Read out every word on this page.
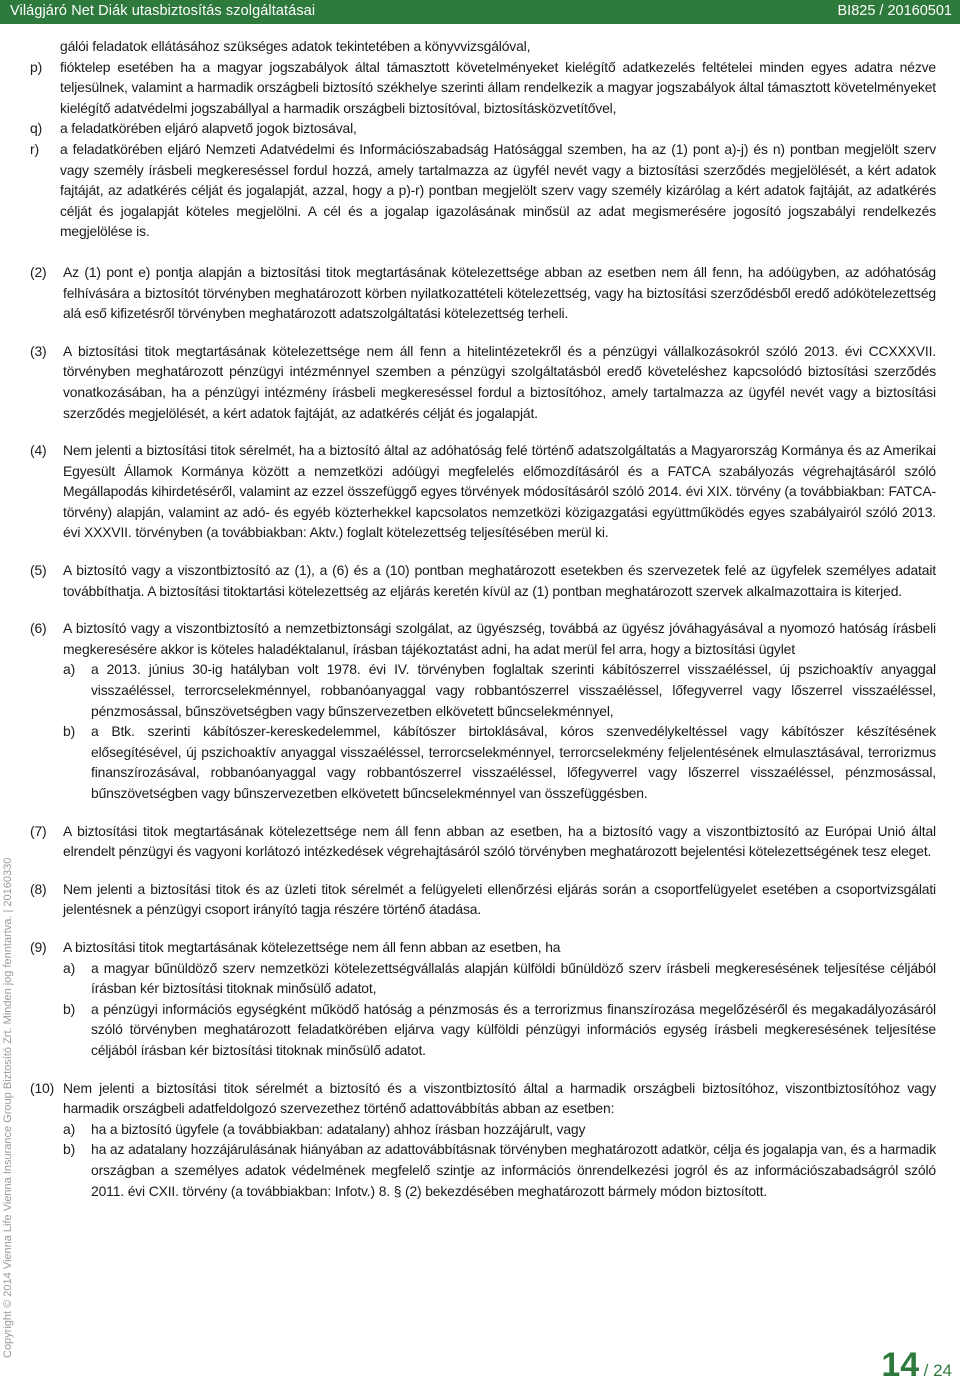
Világjáró Net Diák utasbiztosítás szolgáltatásai	BI825 / 20160501
Copyright © 2014 Vienna Life Vienna Insurance Group Biztosító Zrt. Minden jog fenntartva. | 20160330
gálói feladatok ellátásához szükséges adatok tekintetében a könyvvizsgálóval,
p)	fióktelep esetében ha a magyar jogszabályok által támasztott követelményeket kielégítő adatkezelés feltételei minden egyes adatra nézve teljesülnek, valamint a harmadik országbeli biztosító székhelye szerinti állam rendelkezik a magyar jogszabályok által támasztott követelményeket kielégítő adatvédelmi jogszabállyal a harmadik országbeli biztosítóval, biztosításközvetítővel,
q)	a feladatkörében eljáró alapvető jogok biztosával,
r)	a feladatkörében eljáró Nemzeti Adatvédelmi és Információszabadság Hatósággal szemben, ha az (1) pont a)-j) és n) pontban megjelölt szerv vagy személy írásbeli megkereséssel fordul hozzá, amely tartalmazza az ügyfél nevét vagy a biztosítási szerződés megjelölését, a kért adatok fajtáját, az adatkérés célját és jogalapját, azzal, hogy a p)-r) pontban megjelölt szerv vagy személy kizárólag a kért adatok fajtáját, az adatkérés célját és jogalapját köteles megjelölni. A cél és a jogalap igazolásának minősül az adat megismerésére jogosító jogszabályi rendelkezés megjelölése is.
(2)	Az (1) pont e) pontja alapján a biztosítási titok megtartásának kötelezettsége abban az esetben nem áll fenn, ha adóügyben, az adóhatóság felhívására a biztosítót törvényben meghatározott körben nyilatkozattételi kötelezettség, vagy ha biztosítási szerződésből eredő adókötelezettség alá eső kifizetésről törvényben meghatározott adatszolgáltatási kötelezettség terheli.
(3)	A biztosítási titok megtartásának kötelezettsége nem áll fenn a hitelintézetekről és a pénzügyi vállalkozásokról szóló 2013. évi CCXXXVII. törvényben meghatározott pénzügyi intézménnyel szemben a pénzügyi szolgáltatásból eredő követeléshez kapcsolódó biztosítási szerződés vonatkozásában, ha a pénzügyi intézmény írásbeli megkereséssel fordul a biztosítóhoz, amely tartalmazza az ügyfél nevét vagy a biztosítási szerződés megjelölését, a kért adatok fajtáját, az adatkérés célját és jogalapját.
(4)	Nem jelenti a biztosítási titok sérelmét, ha a biztosító által az adóhatóság felé történő adatszolgáltatás a Magyarország Kormánya és az Amerikai Egyesült Államok Kormánya között a nemzetközi adóügyi megfelelés előmozdításáról és a FATCA szabályozás végrehajtásáról szóló Megállapodás kihirdetéséről, valamint az ezzel összefüggő egyes törvények módosításáról szóló 2014. évi XIX. törvény (a továbbiakban: FATCA-törvény) alapján, valamint az adó- és egyéb közterhekkel kapcsolatos nemzetközi közigazgatási együttműködés egyes szabályairól szóló 2013. évi XXXVII. törvényben (a továbbiakban: Aktv.) foglalt kötelezettség teljesítésében merül ki.
(5)	A biztosító vagy a viszontbiztosító az (1), a (6) és a (10) pontban meghatározott esetekben és szervezetek felé az ügyfelek személyes adatait továbbíthatja. A biztosítási titoktartási kötelezettség az eljárás keretén kívül az (1) pontban meghatározott szervek alkalmazottaira is kiterjed.
(6)	A biztosító vagy a viszontbiztosító a nemzetbiztonsági szolgálat, az ügyészség, továbbá az ügyész jóváhagyásával a nyomozó hatóság írásbeli megkeresésére akkor is köteles haladéktalanul, írásban tájékoztatást adni, ha adat merül fel arra, hogy a biztosítási ügylet
a)	a 2013. június 30-ig hatályban volt 1978. évi IV. törvényben foglaltak szerinti kábítószerrel visszaéléssel, új pszichoaktív anyaggal visszaéléssel, terrorcselekménnyel, robbanóanyaggal vagy robbantószerrel visszaéléssel, lőfegyverrel vagy lőszerrel visszaéléssel, pénzmosással, bűnszövetségben vagy bűnszervezetben elkövetett bűncselekménnyel,
b)	a Btk. szerinti kábítószer-kereskedelemmel, kábítószer birtoklásával, kóros szenvedélykeltéssel vagy kábítószer készítésének elősegítésével, új pszichoaktív anyaggal visszaéléssel, terrorcselekménnyel, terrorcselekmény feljelentésének elmulasztásával, terrorizmus finanszírozásával, robbanóanyaggal vagy robbantószerrel visszaéléssel, lőfegyverrel vagy lőszerrel visszaéléssel, pénzmosással, bűnszövetségben vagy bűnszervezetben elkövetett bűncselekménnyel van összefüggésben.
(7)	A biztosítási titok megtartásának kötelezettsége nem áll fenn abban az esetben, ha a biztosító vagy a viszontbiztosító az Európai Unió által elrendelt pénzügyi és vagyoni korlátozó intézkedések végrehajtásáról szóló törvényben meghatározott bejelentési kötelezettségének tesz eleget.
(8)	Nem jelenti a biztosítási titok és az üzleti titok sérelmét a felügyeleti ellenőrzési eljárás során a csoportfelügyelet esetében a csoportvizsgálati jelentésnek a pénzügyi csoport irányító tagja részére történő átadása.
(9)	A biztosítási titok megtartásának kötelezettsége nem áll fenn abban az esetben, ha
a)	a magyar bűnüldöző szerv nemzetközi kötelezettségvállalás alapján külföldi bűnüldöző szerv írásbeli megkeresésének teljesítése céljából írásban kér biztosítási titoknak minősülő adatot,
b)	a pénzügyi információs egységként működő hatóság a pénzmosás és a terrorizmus finanszírozása megelőzéséről és megakadályozásáról szóló törvényben meghatározott feladatkörében eljárva vagy külföldi pénzügyi információs egység írásbeli megkeresésének teljesítése céljából írásban kér biztosítási titoknak minősülő adatot.
(10) Nem jelenti a biztosítási titok sérelmét a biztosító és a viszontbiztosító által a harmadik országbeli biztosítóhoz, viszontbiztosítóhoz vagy harmadik országbeli adatfeldolgozó szervezethez történő adattovábbítás abban az esetben:
a)	ha a biztosító ügyfele (a továbbiakban: adatalany) ahhoz írásban hozzájárult, vagy
b)	ha az adatalany hozzájárulásának hiányában az adattovábbításnak törvényben meghatározott adatkör, célja és jogalapja van, és a harmadik országban a személyes adatok védelmének megfelelő szintje az információs önrendelkezési jogról és az információszabadságról szóló 2011. évi CXII. törvény (a továbbiakban: Infotv.) 8. § (2) bekezdésében meghatározott bármely módon biztosított.
14 / 24
